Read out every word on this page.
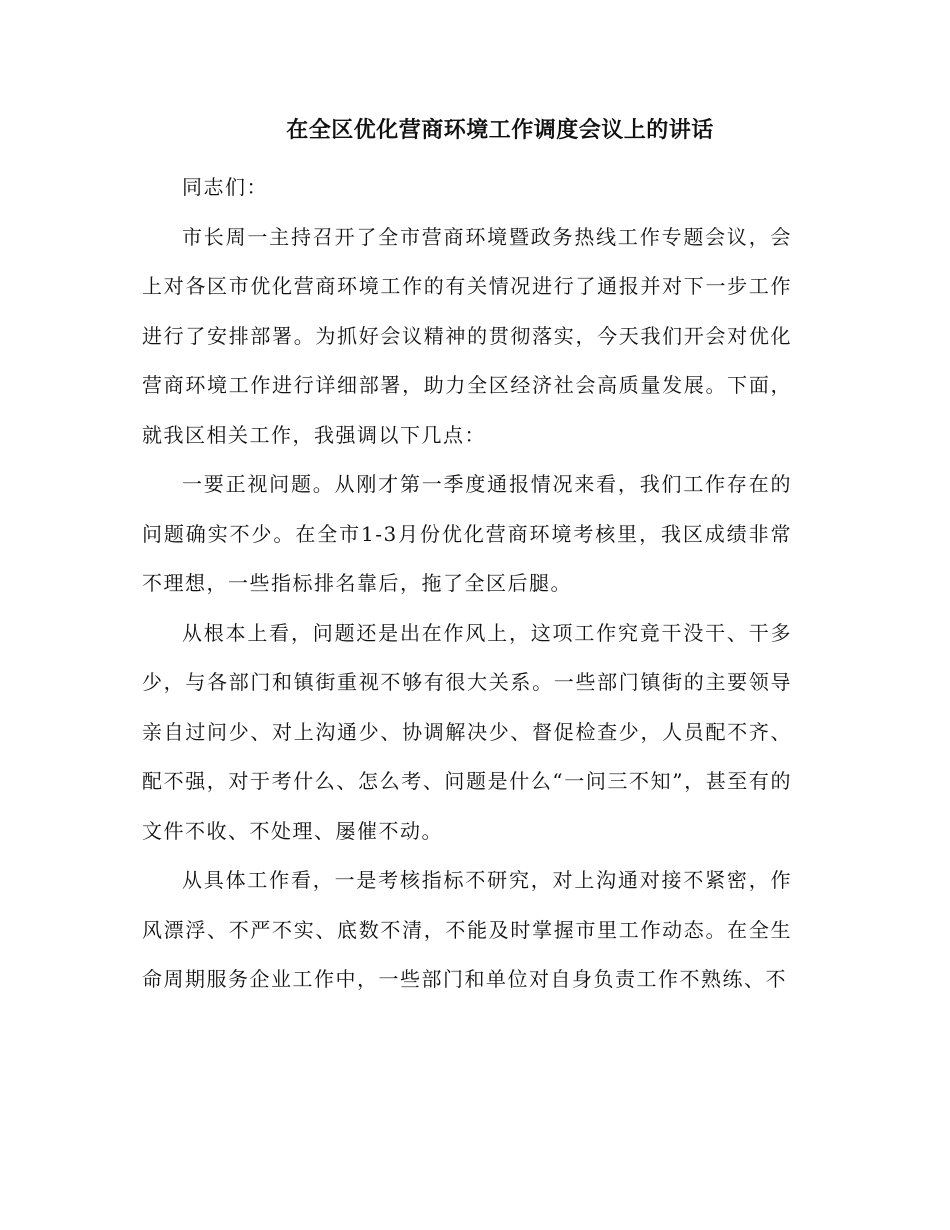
在全区优化营商环境工作调度会议上的讲话

同志们：

市长周一主持召开了全市营商环境暨政务热线工作专题会议，会上对各区市优化营商环境工作的有关情况进行了通报并对下一步工作进行了安排部署。为抓好会议精神的贯彻落实，今天我们开会对优化营商环境工作进行详细部署，助力全区经济社会高质量发展。下面，就我区相关工作，我强调以下几点：

一要正视问题。从刚才第一季度通报情况来看，我们工作存在的问题确实不少。在全市1-3月份优化营商环境考核里，我区成绩非常不理想，一些指标排名靠后，拖了全区后腿。

从根本上看，问题还是出在作风上，这项工作究竟干没干、干多少，与各部门和镇街重视不够有很大关系。一些部门镇街的主要领导亲自过问少、对上沟通少、协调解决少、督促检查少，人员配不齐、配不强，对于考什么、怎么考、问题是什么“一问三不知”，甚至有的文件不收、不处理、屡催不动。

从具体工作看，一是考核指标不研究，对上沟通对接不紧密，作风漂浮、不严不实、底数不清，不能及时掌握市里工作动态。在全生命周期服务企业工作中，一些部门和单位对自身负责工作不熟练、不
